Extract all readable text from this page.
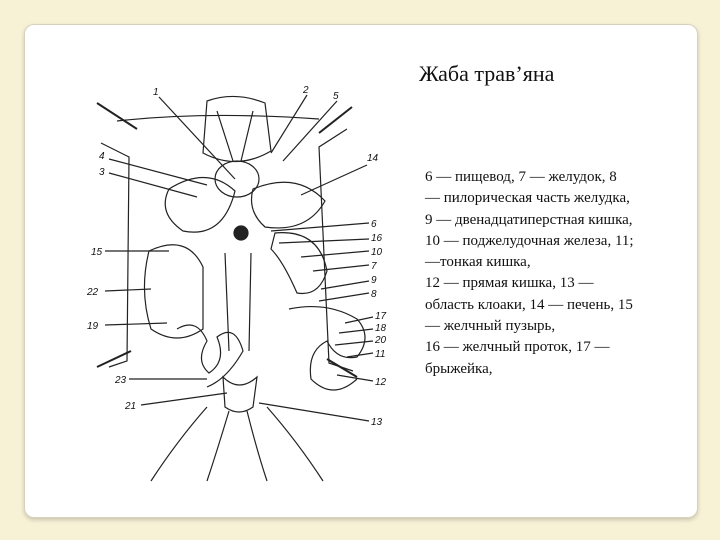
1	2
5
4
3
14
6
15
16
10
7
9
8
22
17
18
19
20
11
23	12
21
13
Жаба трав’яна
6 — пищевод, 7 — желудок, 8
— пилорическая часть желудка,
9 — двенадцатиперстная кишка,
10 — поджелудочная железа, 11;
—тонкая кишка,
12 — прямая кишка, 13 —
область клоаки, 14 — печень, 15
— желчный пузырь,
16 — желчный проток, 17 —
брыжейка,
